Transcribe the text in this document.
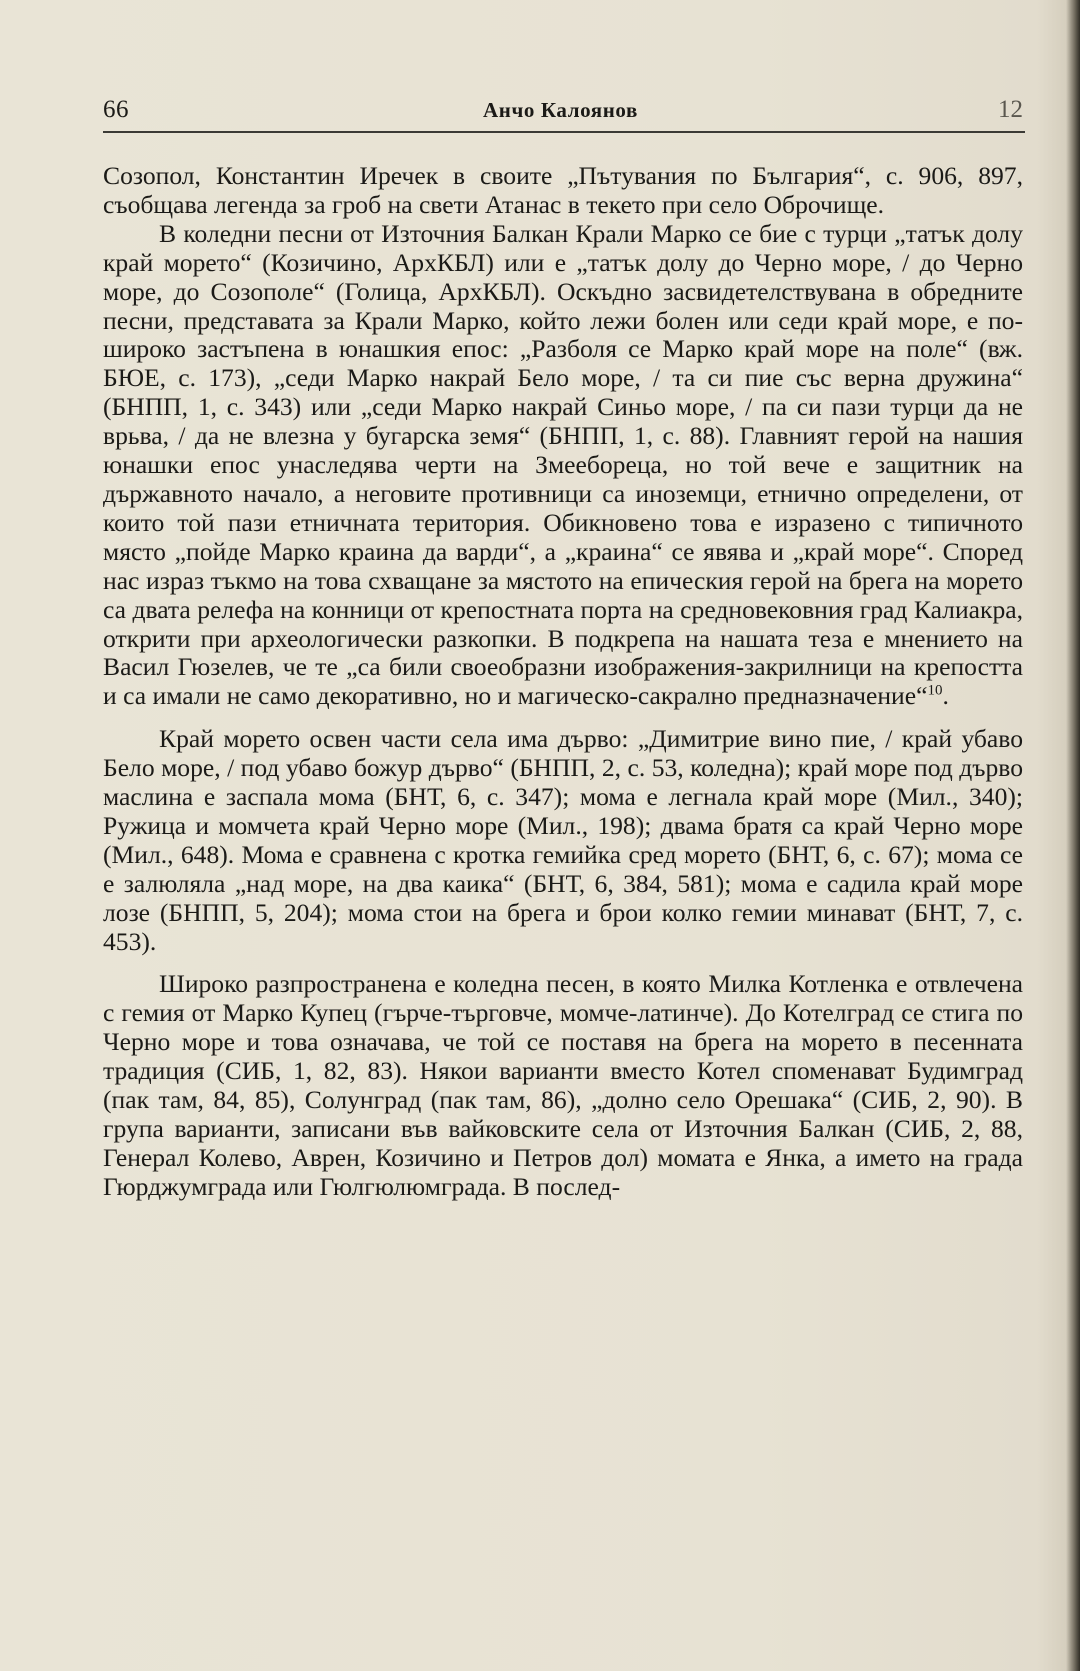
66	Анчо Калоянов	12

Созопол, Константин Иречек в своите „Пътувания по България“, с. 906, 897, съобщава легенда за гроб на свети Атанас в текето при село Оброчище.

В коледни песни от Източния Балкан Крали Марко се бие с турци „татък долу край морето“ (Козичино, АрхКБЛ) или е „татък долу до Черно море, / до Черно море, до Созополе“ (Голица, АрхКБЛ). Оскъдно засвидетелствувана в обредните песни, представата за Крали Марко, който лежи болен или седи край море, е по-широко застъпена в юнашкия епос: „Разболя се Марко край море на поле“ (вж. БЮЕ, с. 173), „седи Марко накрай Бело море, / та си пие със верна дружина“ (БНПП, 1, с. 343) или „седи Марко накрай Синьо море, / па си пази турци да не врьва, / да не влезна у бугарска земя“ (БНПП, 1, с. 88). Главният герой на нашия юнашки епос унаследява черти на Змееборeца, но той вече е защитник на държавното начало, а неговите противници са иноземци, етнично определени, от които той пази етничната територия. Обикновено това е изразено с типичното място „пойде Марко краина да варди“, а „краина“ се явява и „край море“. Според нас израз тъкмо на това схващане за мястото на епическия герой на брега на морето са двата релефа на конници от крепостната порта на средновековния град Калиакра, открити при археологически разкопки. В подкрепа на нашата теза е мнението на Васил Гюзелев, че те „са били своеобразни изображения-закрилници на крепостта и са имали не само декоративно, но и магическо-сакрално предназначение“$^{10}$.

Край морето освен части села има дърво: „Димитрие вино пие, / край убаво Бело море, / под убаво божур дърво“ (БНПП, 2, с. 53, коледна); край море под дърво маслина е заспала мома (БНТ, 6, с. 347); мома е легнала край море (Мил., 340); Ружица и момчета край Черно море (Мил., 198); двама братя са край Черно море (Мил., 648). Мома е сравнена с кротка гемийка сред морето (БНТ, 6, с. 67); мома се е залюляла „над море, на два каика“ (БНТ, 6, 384, 581); мома е садила край море лозе (БНПП, 5, 204); мома стои на брега и брои колко гемии минават (БНТ, 7, с. 453).

Широко разпространена е коледна песен, в която Милка Котленка е отвлечена с гемия от Марко Купец (гърче-търговче, момче-латинче). До Котелград се стига по Черно море и това означава, че той се поставя на брега на морето в песенната традиция (СИБ, 1, 82, 83). Някои варианти вместо Котел споменават Будимград (пак там, 84, 85), Солунград (пак там, 86), „долно село Орешака“ (СИБ, 2, 90). В група варианти, записани във вайковските села от Източния Балкан (СИБ, 2, 88, Генерал Колево, Аврен, Козичино и Петров дол) момата е Янка, а името на града Гюрджумграда или Гюлгюлюмграда. В послед-
